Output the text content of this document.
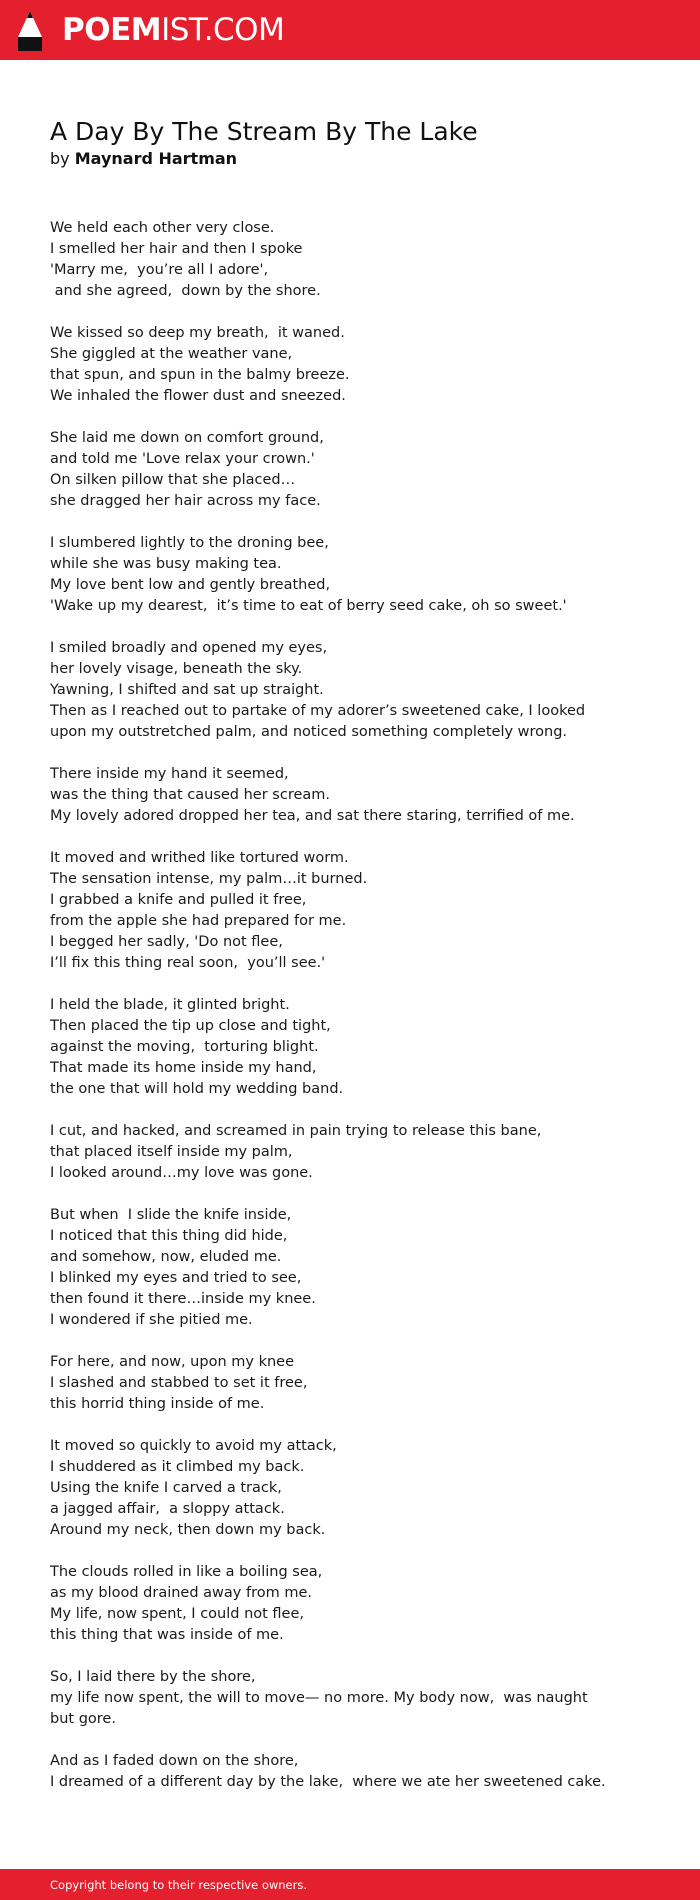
POEMIST.COM
A Day By The Stream By The Lake
by Maynard Hartman
We held each other very close.
I smelled her hair and then I spoke
'Marry me,  you’re all I adore',
and she agreed,  down by the shore.
We kissed so deep my breath,  it waned.
She giggled at the weather vane,
that spun, and spun in the balmy breeze.
We inhaled the flower dust and sneezed.
She laid me down on comfort ground,
and told me 'Love relax your crown.'
On silken pillow that she placed…
she dragged her hair across my face.
I slumbered lightly to the droning bee,
while she was busy making tea.
My love bent low and gently breathed,
'Wake up my dearest,  it’s time to eat of berry seed cake, oh so sweet.'
I smiled broadly and opened my eyes,
her lovely visage, beneath the sky.
Yawning, I shifted and sat up straight.
Then as I reached out to partake of my adorer’s sweetened cake, I looked
upon my outstretched palm, and noticed something completely wrong.
There inside my hand it seemed,
was the thing that caused her scream.
My lovely adored dropped her tea, and sat there staring, terrified of me.
It moved and writhed like tortured worm.
The sensation intense, my palm…it burned.
I grabbed a knife and pulled it free,
from the apple she had prepared for me.
I begged her sadly, 'Do not flee,
I’ll fix this thing real soon,  you’ll see.'
I held the blade, it glinted bright.
Then placed the tip up close and tight,
against the moving,  torturing blight.
That made its home inside my hand,
the one that will hold my wedding band.
I cut, and hacked, and screamed in pain trying to release this bane,
that placed itself inside my palm,
I looked around…my love was gone.
But when  I slide the knife inside,
I noticed that this thing did hide,
and somehow, now, eluded me.
I blinked my eyes and tried to see,
then found it there…inside my knee.
I wondered if she pitied me.
For here, and now, upon my knee
I slashed and stabbed to set it free,
this horrid thing inside of me.
It moved so quickly to avoid my attack,
I shuddered as it climbed my back.
Using the knife I carved a track,
a jagged affair,  a sloppy attack.
Around my neck, then down my back.
The clouds rolled in like a boiling sea,
as my blood drained away from me.
My life, now spent, I could not flee,
this thing that was inside of me.
So, I laid there by the shore,
my life now spent, the will to move— no more. My body now,  was naught
but gore.
And as I faded down on the shore,
I dreamed of a different day by the lake,  where we ate her sweetened cake.
Copyright belong to their respective owners.
